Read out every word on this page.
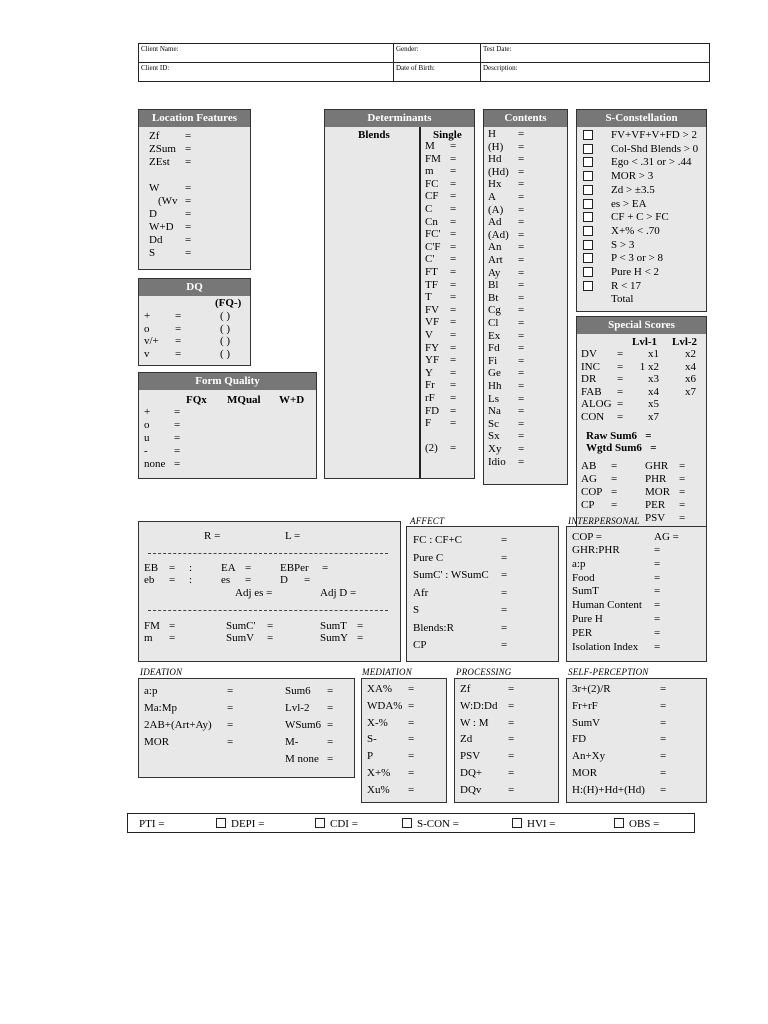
Client Name:	Gender:	Test Date:
Client ID:	Date of Birth:	Description:
Location Features
Zf =
ZSum =
ZEst =
W =
(Wv =
D	=
W+D =
Dd =
S	=
DQ
(FQ-)
+ =	( )
o =	( )
v/+ =	( )
v =	( )
Form Quality
FQx MQual W+D
+ =
o =
u =
- =
none =
Determinants
Blends	Single
M =
FM =
m =
FC =
CF =
C =
Cn =
FC' =
C'F =
C' =
FT =
TF =
T =
FV =
VF =
V =
FY =
YF =
Y =
Fr =
rF =
FD =
F =
(2) =
Contents
H =
(H) =
Hd =
(Hd) =
Hx =
A =
(A) =
Ad =
(Ad) =
An =
Art =
Ay =
Bl =
Bt =
Cg =
Cl =
Ex =
Fd =
Fi =
Ge =
Hh =
Ls =
Na =
Sc =
Sx =
Xy =
Idio =
S-Constellation
FV+VF+V+FD > 2
Col-Shd Blends > 0
Ego < .31 or > .44
MOR > 3
Zd > ±3.5
es > EA
CF + C > FC
X+% < .70
S > 3
P < 3 or > 8
Pure H < 2
R < 17
Total
Special Scores
Lvl-1 Lvl-2
DV =	x1 x2
INC = 1 x2 x4
DR =	x3 x6
FAB =	x4 x7
ALOG =	x5
CON =	x7
Raw Sum6 =
Wgtd Sum6 =
AB =
AG =
COP =
CP =
GHR =
PHR =
MOR =
PER =
PSV =
R =	L =
EB = :	EA =	EBPer =
eb = :	es =	D =
Adj es =	Adj D =
FM =	SumC' =	SumT =
m =	SumV =	SumY =
AFFECT
FC : CF+C	=
Pure C	=
SumC' : WSumC =
Afr	=
S	=
Blends:R	=
CP	=
INTERPERSONAL
COP =	AG =
GHR:PHR	=
a:p	=
Food	=
SumT	=
Human Content =
Pure H	=
PER	=
Isolation Index =
IDEATION
a:p	=
Ma:Mp	=
2AB+(Art+Ay) =
MOR	=
Sum6 =
Lvl-2 =
WSum6 =
M-	=
M none =
MEDIATION
XA% =
WDA% =
X-% =
S-	=
P	=
X+% =
Xu% =
PROCESSING
Zf	=
W:D:Dd =
W : M =
Zd	=
PSV	=
DQ+ =
DQv =
SELF-PERCEPTION
3r+(2)/R	=
Fr+rF	=
SumV	=
FD	=
An+Xy	=
MOR	=
H:(H)+Hd+(Hd) =
PTI =	DEPI =	CDI =	S-CON =	HVI =	OBS =
